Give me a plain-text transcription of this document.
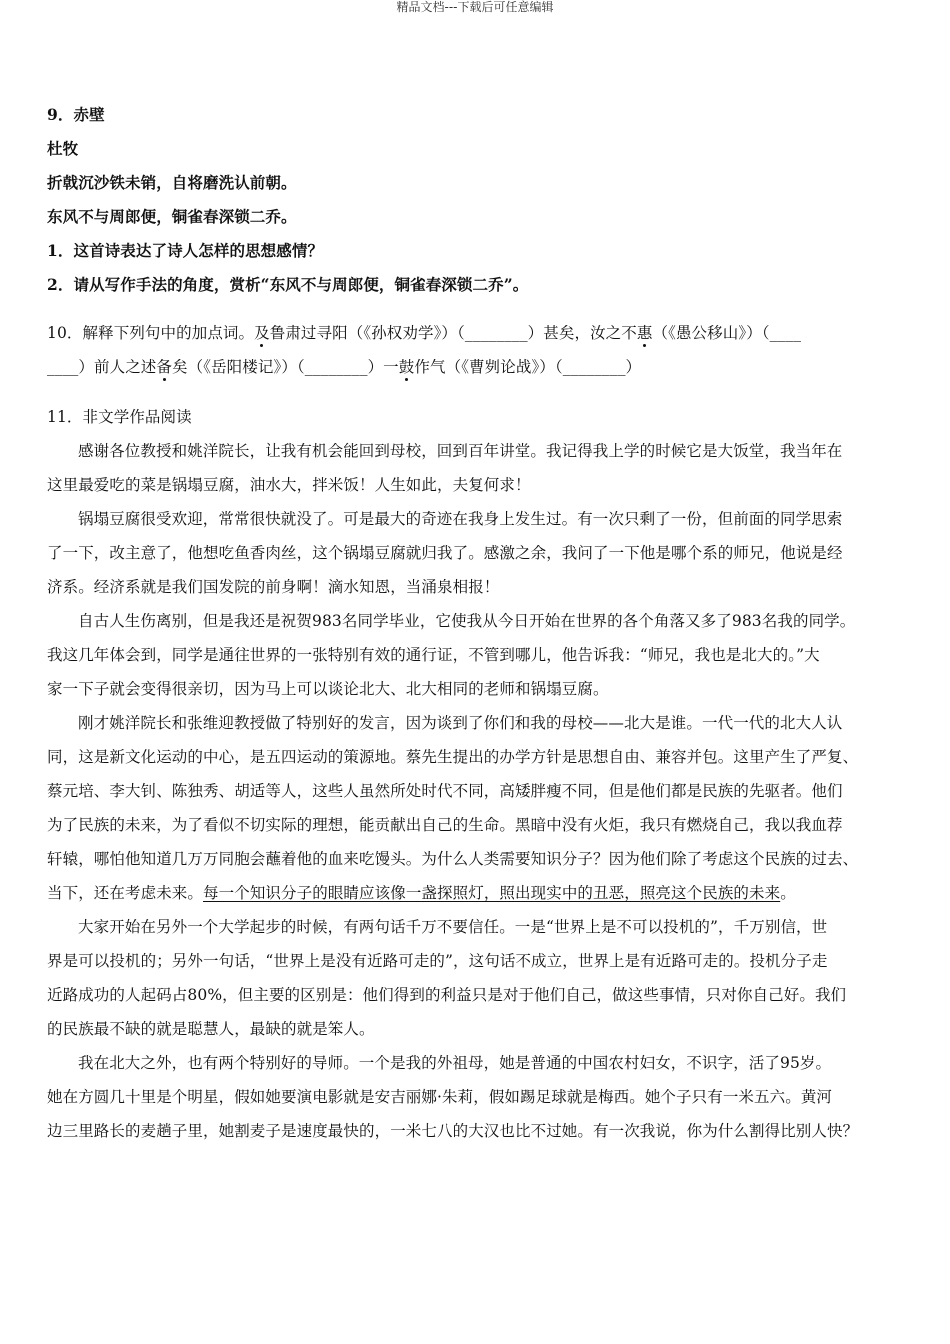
精品文档---下载后可任意编辑
9．赤壁
杜牧
折戟沉沙铁未销，自将磨洗认前朝。
东风不与周郎便，铜雀春深锁二乔。
1．这首诗表达了诗人怎样的思想感情？
2．请从写作手法的角度，赏析“东风不与周郎便，铜雀春深锁二乔”。
10．解释下列句中的加点词。及鲁肃过寻阳（《孙权劝学》）（________）甚矣，汝之不惠（《愚公移山》）（____
____）前人之述备矣（《岳阳楼记》）（________）一鼓作气（《曹刿论战》）（________）
11．非文学作品阅读
感谢各位教授和姚洋院长，让我有机会能回到母校，回到百年讲堂。我记得我上学的时候它是大饭堂，我当年在
这里最爱吃的菜是锅塌豆腐，油水大，拌米饭！人生如此，夫复何求！
锅塌豆腐很受欢迎，常常很快就没了。可是最大的奇迹在我身上发生过。有一次只剩了一份，但前面的同学思索
了一下，改主意了，他想吃鱼香肉丝，这个锅塌豆腐就归我了。感激之余，我问了一下他是哪个系的师兄，他说是经
济系。经济系就是我们国发院的前身啊！滴水知恩，当涌泉相报！
自古人生伤离别，但是我还是祝贺983名同学毕业，它使我从今日开始在世界的各个角落又多了983名我的同学。
我这几年体会到，同学是通往世界的一张特别有效的通行证，不管到哪儿，他告诉我：“师兄，我也是北大的。”大
家一下子就会变得很亲切，因为马上可以谈论北大、北大相同的老师和锅塌豆腐。
刚才姚洋院长和张维迎教授做了特别好的发言，因为谈到了你们和我的母校——北大是谁。一代一代的北大人认
同，这是新文化运动的中心，是五四运动的策源地。蔡先生提出的办学方针是思想自由、兼容并包。这里产生了严复、
蔡元培、李大钊、陈独秀、胡适等人，这些人虽然所处时代不同，高矮胖瘦不同，但是他们都是民族的先驱者。他们
为了民族的未来，为了看似不切实际的理想，能贡献出自己的生命。黑暗中没有火炬，我只有燃烧自己，我以我血荐
轩辕，哪怕他知道几万万同胞会蘸着他的血来吃馒头。为什么人类需要知识分子？因为他们除了考虑这个民族的过去、
当下，还在考虑未来。每一个知识分子的眼睛应该像一盏探照灯，照出现实中的丑恶，照亮这个民族的未来。
大家开始在另外一个大学起步的时候，有两句话千万不要信任。一是“世界上是不可以投机的”，千万别信，世
界是可以投机的；另外一句话，“世界上是没有近路可走的”，这句话不成立，世界上是有近路可走的。投机分子走
近路成功的人起码占80%，但主要的区别是：他们得到的利益只是对于他们自己，做这些事情，只对你自己好。我们
的民族最不缺的就是聪慧人，最缺的就是笨人。
我在北大之外，也有两个特别好的导师。一个是我的外祖母，她是普通的中国农村妇女，不识字，活了95岁。
她在方圆几十里是个明星，假如她要演电影就是安吉丽娜·朱莉，假如踢足球就是梅西。她个子只有一米五六。黄河
边三里路长的麦趟子里，她割麦子是速度最快的，一米七八的大汉也比不过她。有一次我说，你为什么割得比别人快？
